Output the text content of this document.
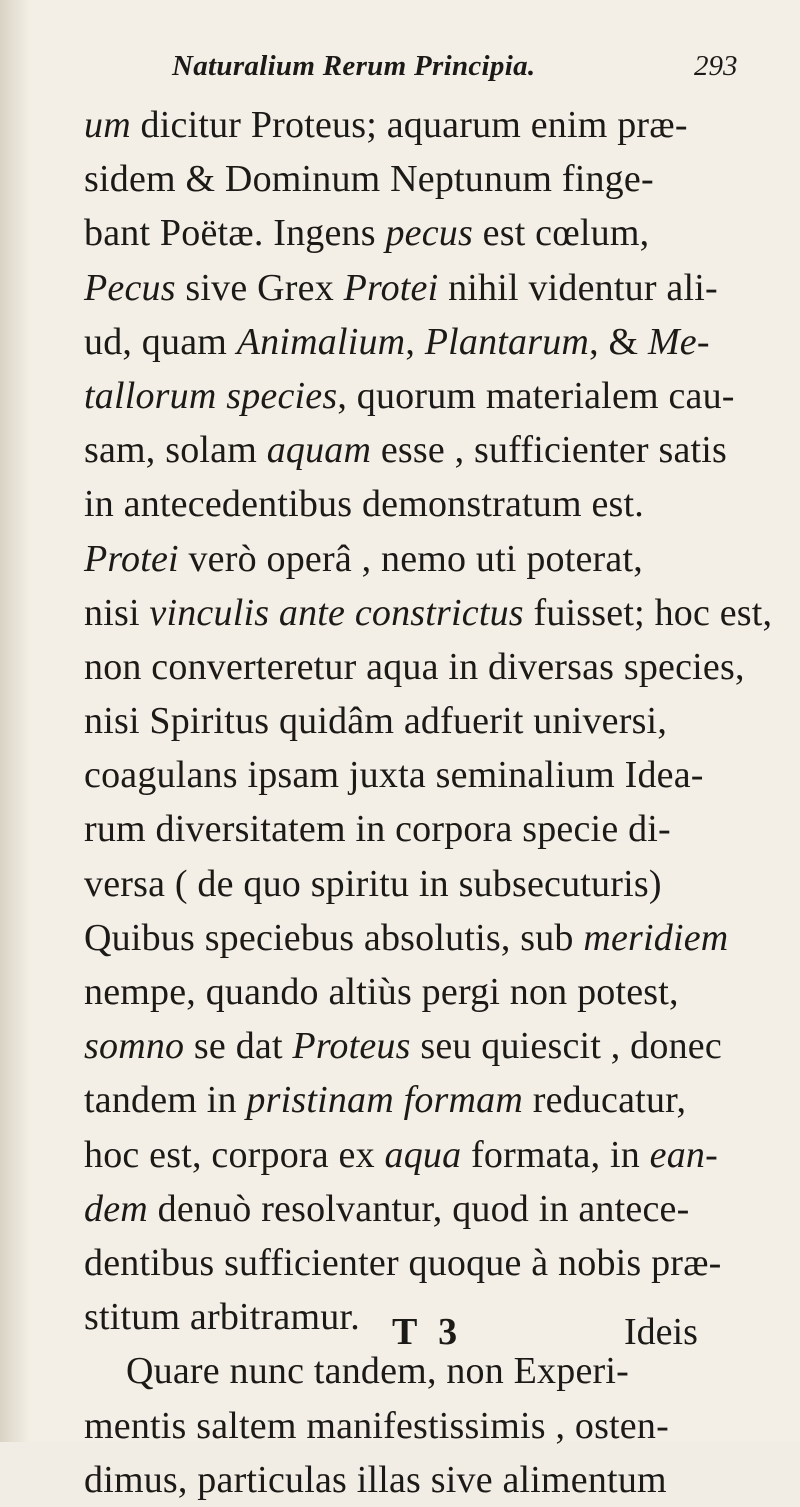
Naturalium Rerum Principia.	293
um dicitur Proteus; aquarum enim præ-
sidem & Dominum Neptunum finge-
bant Poëtæ. Ingens pecus est cœlum,
Pecus sive Grex Protei nihil videntur ali-
ud, quam Animalium, Plantarum, & Me-
tallorum species, quorum materialem cau-
sam, solam aquam esse , sufficienter satis
in antecedentibus demonstratum est.
Protei verò operâ , nemo uti poterat,
nisi vinculis ante constrictus fuisset; hoc est,
non converteretur aqua in diversas species,
nisi Spiritus quidâm adfuerit universi,
coagulans ipsam juxta seminalium Idea-
rum diversitatem in corpora specie di-
versa ( de quo spiritu in subsecuturis)
Quibus speciebus absolutis, sub meridiem
nempe, quando altiùs pergi non potest,
somno se dat Proteus seu quiescit , donec
tandem in pristinam formam reducatur,
hoc est, corpora ex aqua formata, in ean-
dem denuò resolvantur, quod in antece-
dentibus sufficienter quoque à nobis præ-
stitum arbitramur.
Quare nunc tandem, non Experi-
mentis saltem manifestissimis , osten-
dimus, particulas illas sive alimentum
T 3	Ideis
